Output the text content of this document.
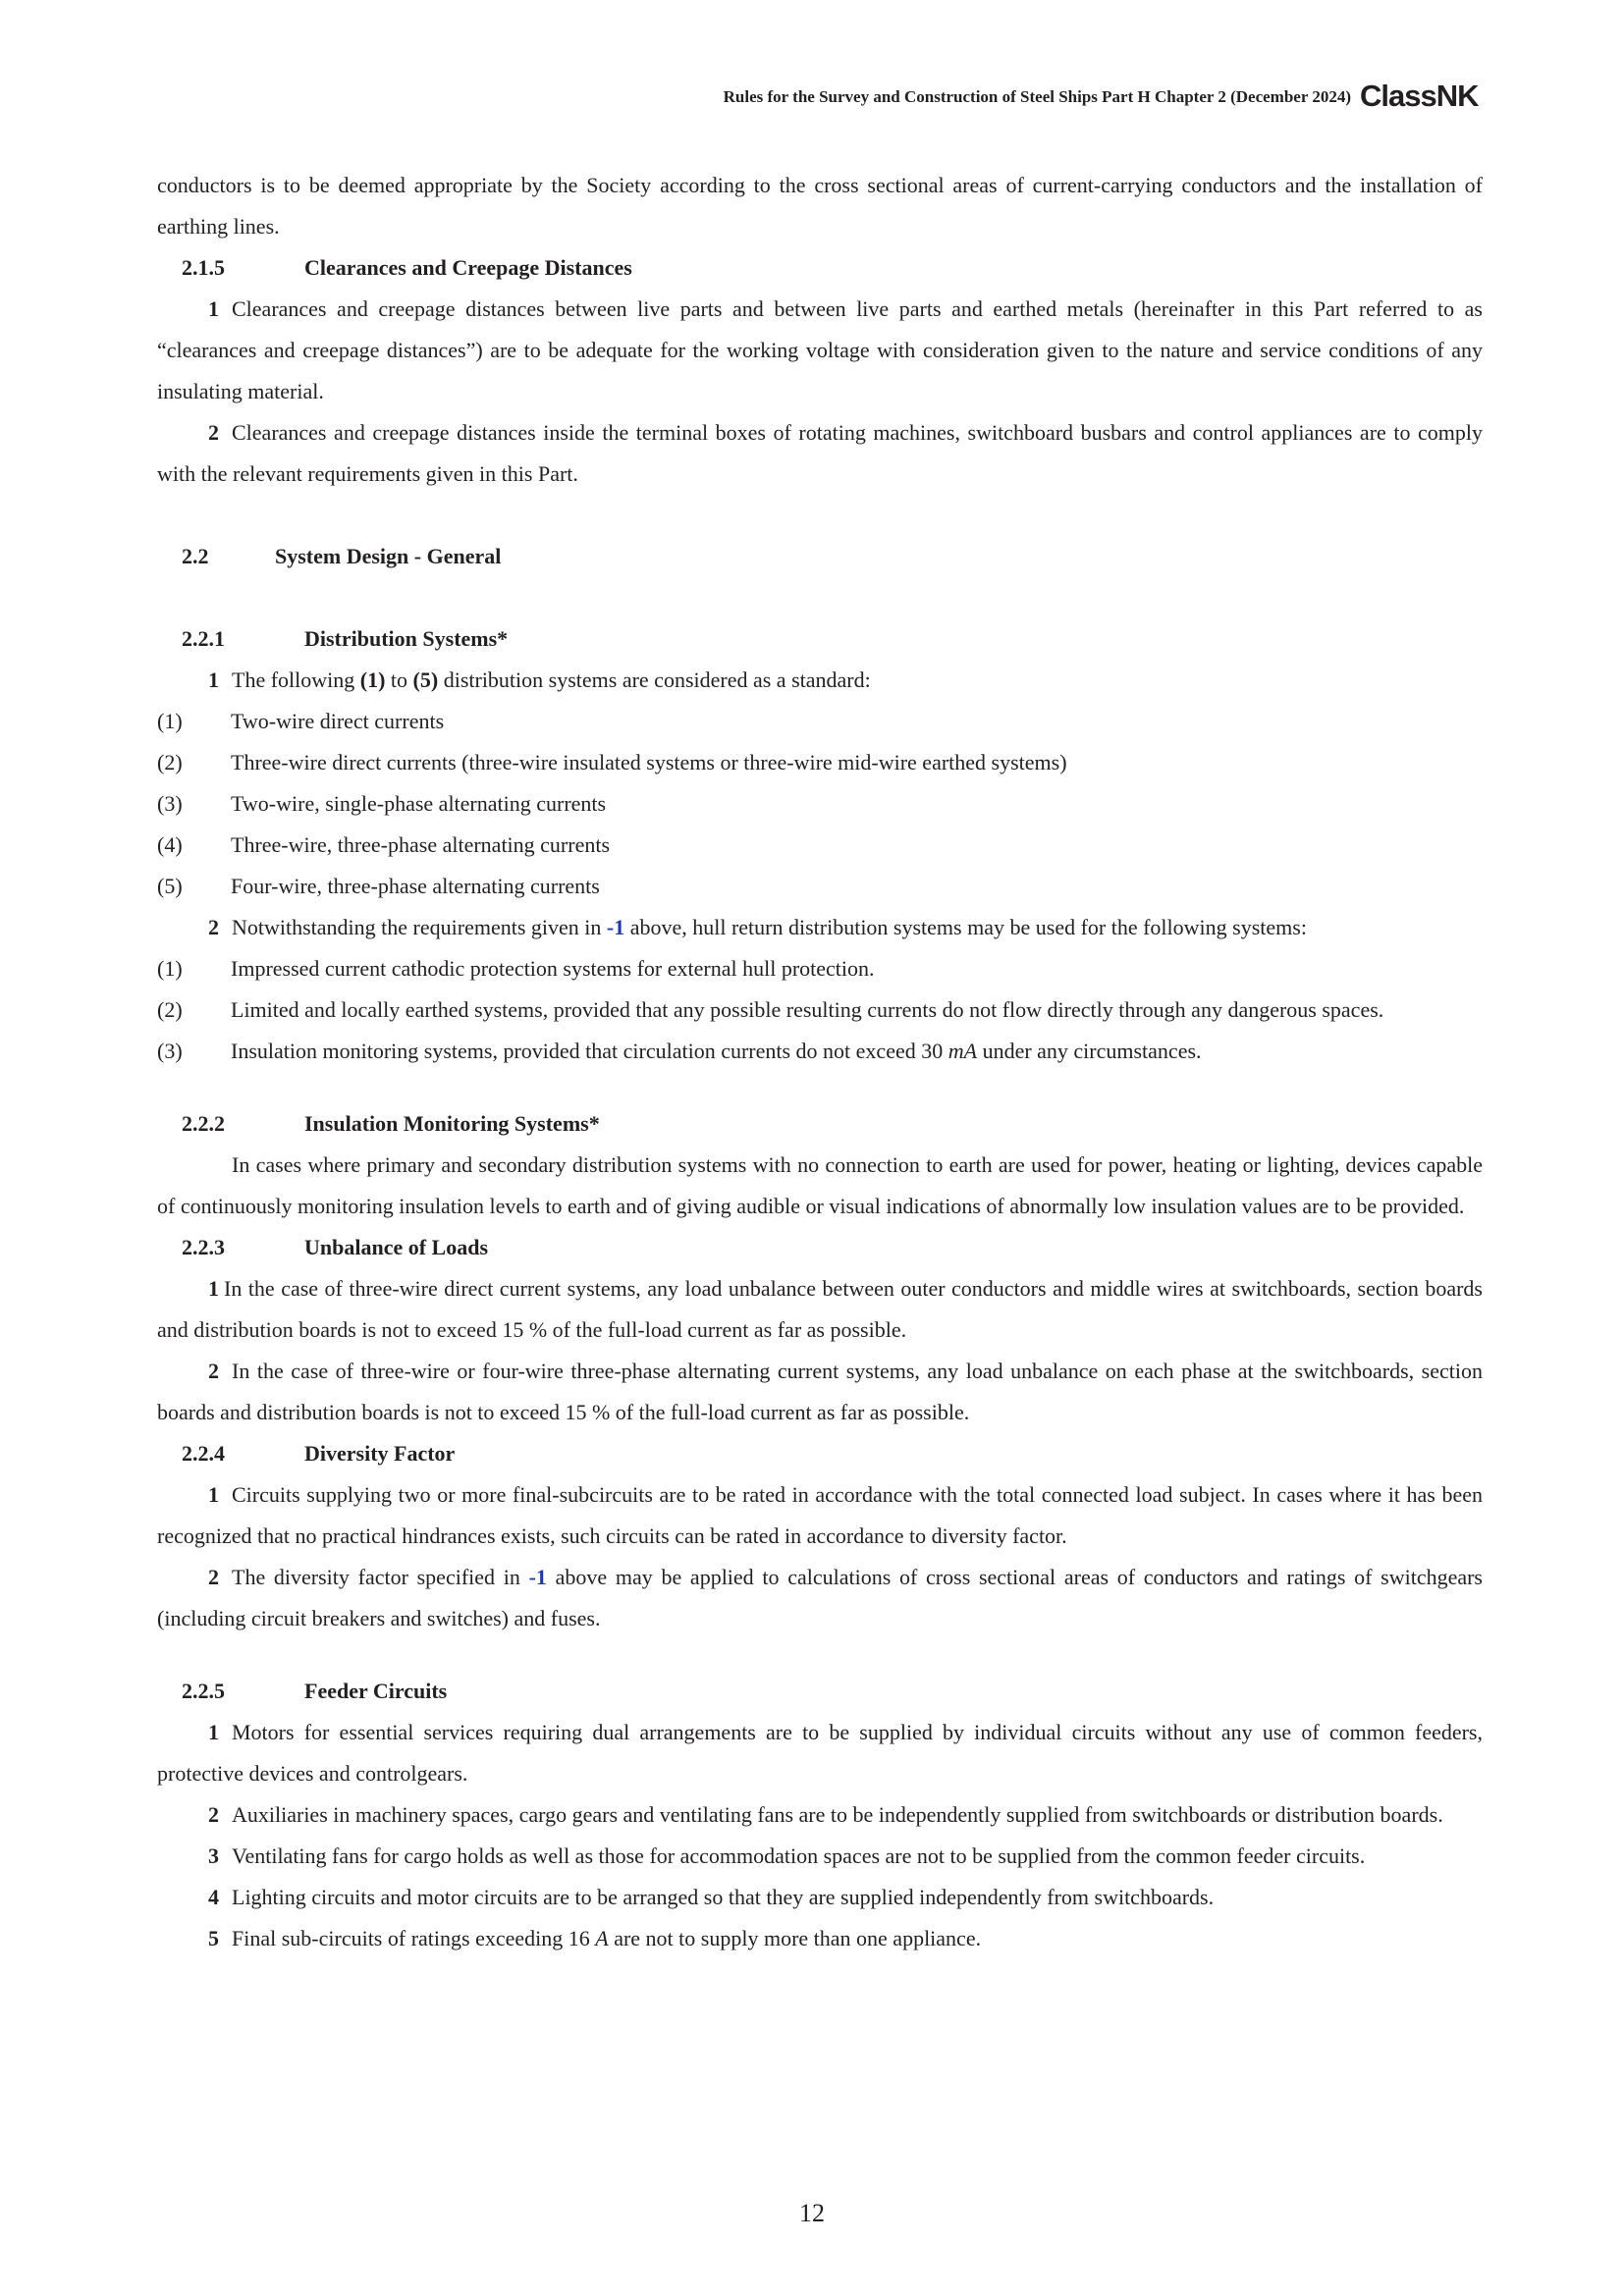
Rules for the Survey and Construction of Steel Ships Part H Chapter 2 (December 2024) ClassNK

conductors is to be deemed appropriate by the Society according to the cross sectional areas of current-carrying conductors and the installation of earthing lines.

2.1.5	Clearances and Creepage Distances

1 Clearances and creepage distances between live parts and between live parts and earthed metals (hereinafter in this Part referred to as “clearances and creepage distances”) are to be adequate for the working voltage with consideration given to the nature and service conditions of any insulating material.

2 Clearances and creepage distances inside the terminal boxes of rotating machines, switchboard busbars and control appliances are to comply with the relevant requirements given in this Part.

2.2	System Design - General

2.2.1	Distribution Systems*

1 The following (1) to (5) distribution systems are considered as a standard:

(1) Two-wire direct currents

(2) Three-wire direct currents (three-wire insulated systems or three-wire mid-wire earthed systems)

(3) Two-wire, single-phase alternating currents

(4) Three-wire, three-phase alternating currents

(5) Four-wire, three-phase alternating currents

2 Notwithstanding the requirements given in -1 above, hull return distribution systems may be used for the following systems:

(1) Impressed current cathodic protection systems for external hull protection.

(2) Limited and locally earthed systems, provided that any possible resulting currents do not flow directly through any dangerous spaces.

(3) Insulation monitoring systems, provided that circulation currents do not exceed 30 mA under any circumstances.

2.2.2	Insulation Monitoring Systems*

In cases where primary and secondary distribution systems with no connection to earth are used for power, heating or lighting, devices capable of continuously monitoring insulation levels to earth and of giving audible or visual indications of abnormally low insulation values are to be provided.

2.2.3	Unbalance of Loads

1 In the case of three-wire direct current systems, any load unbalance between outer conductors and middle wires at switchboards, section boards and distribution boards is not to exceed 15 % of the full-load current as far as possible.

2 In the case of three-wire or four-wire three-phase alternating current systems, any load unbalance on each phase at the switchboards, section boards and distribution boards is not to exceed 15 % of the full-load current as far as possible.

2.2.4	Diversity Factor

1 Circuits supplying two or more final-subcircuits are to be rated in accordance with the total connected load subject. In cases where it has been recognized that no practical hindrances exists, such circuits can be rated in accordance to diversity factor.

2 The diversity factor specified in -1 above may be applied to calculations of cross sectional areas of conductors and ratings of switchgears (including circuit breakers and switches) and fuses.

2.2.5	Feeder Circuits

1 Motors for essential services requiring dual arrangements are to be supplied by individual circuits without any use of common feeders, protective devices and controlgears.

2 Auxiliaries in machinery spaces, cargo gears and ventilating fans are to be independently supplied from switchboards or distribution boards.

3 Ventilating fans for cargo holds as well as those for accommodation spaces are not to be supplied from the common feeder circuits.

4 Lighting circuits and motor circuits are to be arranged so that they are supplied independently from switchboards.

5 Final sub-circuits of ratings exceeding 16 A are not to supply more than one appliance.

12
